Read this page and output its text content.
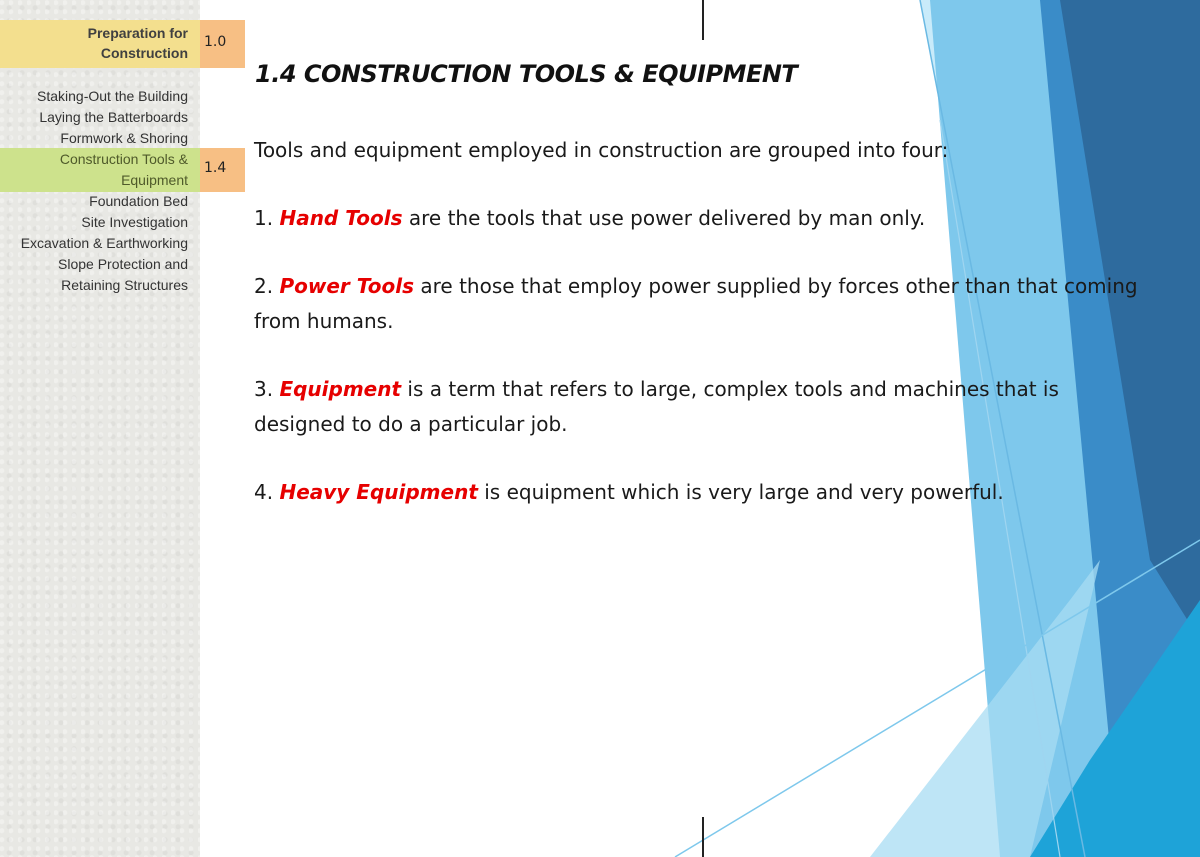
Preparation for
Construction
1.0
1.4
Staking-Out the Building
Laying the Batterboards
Formwork & Shoring
Construction Tools &
Equipment
Foundation Bed
Site Investigation
Excavation & Earthworking
Slope Protection and
Retaining Structures
1.4 CONSTRUCTION TOOLS & EQUIPMENT

Tools and equipment employed in construction are grouped into four:

1. Hand Tools are the tools that use power delivered by man only.

2. Power Tools are those that employ power supplied by forces other than that coming from humans.

3. Equipment is a term that refers to large, complex tools and machines that is designed to do a particular job.

4. Heavy Equipment is equipment which is very large and very powerful.
